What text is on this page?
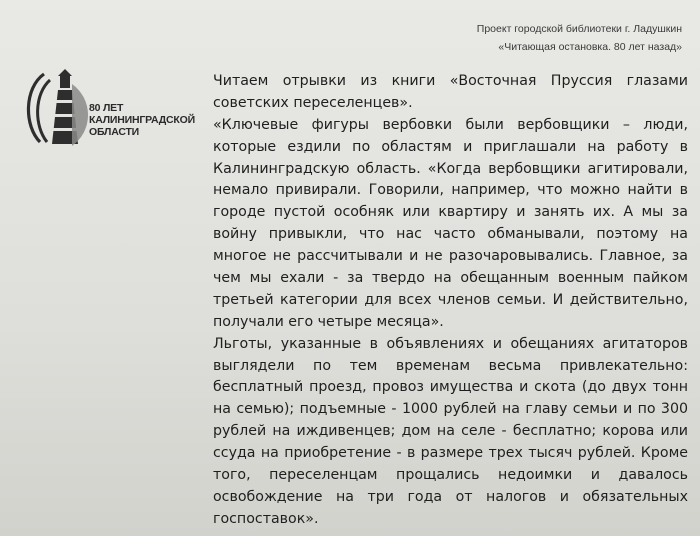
Проект городской библиотеки г. Ладушкин
«Читающая остановка. 80 лет назад»
80 ЛЕТ
КАЛИНИНГРАДСКОЙ
ОБЛАСТИ
Читаем отрывки из книги «Восточная Пруссия глазами
советских переселенцев».
«Ключевые фигуры вербовки были вербовщики – люди,
которые ездили по областям и приглашали на работу в
Калининградскую область. «Когда вербовщики агитировали,
немало привирали. Говорили, например, что можно найти в
городе пустой особняк или квартиру и занять их. А мы за
войну привыкли, что нас часто обманывали, поэтому на
многое не рассчитывали и не разочаровывались. Главное, за
чем мы ехали - за твердо на обещанным военным пайком
третьей категории для всех членов семьи. И действительно,
получали его четыре месяца».
Льготы, указанные в объявлениях и обещаниях агитаторов
выглядели по тем временам весьма привлекательно:
бесплатный проезд, провоз имущества и скота (до двух тонн
на семью); подъемные - 1000 рублей на главу семьи и по 300
рублей на иждивенцев; дом на селе - бесплатно; корова или
ссуда на приобретение - в размере трех тысяч рублей. Кроме
того, переселенцам прощались недоимки и давалось
освобождение на три года от налогов и обязательных
госпоставок».
